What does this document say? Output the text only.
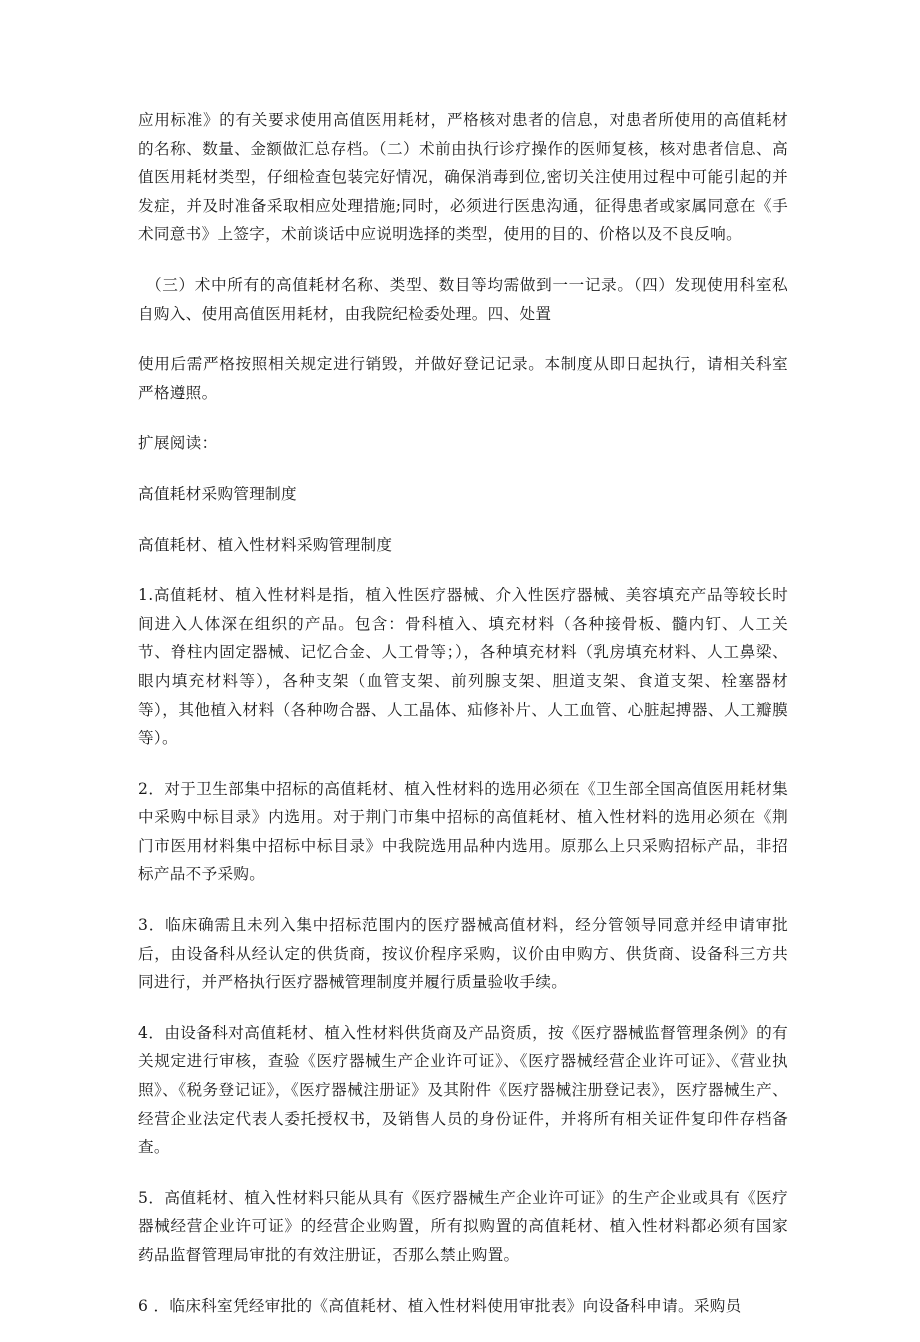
应用标准》的有关要求使用高值医用耗材，严格核对患者的信息，对患者所使用的高值耗材的名称、数量、金额做汇总存档。（二）术前由执行诊疗操作的医师复核，核对患者信息、高值医用耗材类型，仔细检查包装完好情况，确保消毒到位,密切关注使用过程中可能引起的并发症，并及时准备采取相应处理措施;同时，必须进行医患沟通，征得患者或家属同意在《手术同意书》上签字，术前谈话中应说明选择的类型，使用的目的、价格以及不良反响。

（三）术中所有的高值耗材名称、类型、数目等均需做到一一记录。（四）发现使用科室私自购入、使用高值医用耗材，由我院纪检委处理。四、处置

使用后需严格按照相关规定进行销毁，并做好登记记录。本制度从即日起执行，请相关科室严格遵照。

扩展阅读：

高值耗材采购管理制度

高值耗材、植入性材料采购管理制度

1.高值耗材、植入性材料是指，植入性医疗器械、介入性医疗器械、美容填充产品等较长时间进入人体深在组织的产品。包含：骨科植入、填充材料（各种接骨板、髓内钉、人工关节、脊柱内固定器械、记忆合金、人工骨等；），各种填充材料（乳房填充材料、人工鼻梁、眼内填充材料等），各种支架（血管支架、前列腺支架、胆道支架、食道支架、栓塞器材等），其他植入材料（各种吻合器、人工晶体、疝修补片、人工血管、心脏起搏器、人工瓣膜等）。

2．对于卫生部集中招标的高值耗材、植入性材料的选用必须在《卫生部全国高值医用耗材集中采购中标目录》内选用。对于荆门市集中招标的高值耗材、植入性材料的选用必须在《荆门市医用材料集中招标中标目录》中我院选用品种内选用。原那么上只采购招标产品，非招标产品不予采购。

3．临床确需且未列入集中招标范围内的医疗器械高值材料，经分管领导同意并经申请审批后，由设备科从经认定的供货商，按议价程序采购，议价由申购方、供货商、设备科三方共同进行，并严格执行医疗器械管理制度并履行质量验收手续。

4．由设备科对高值耗材、植入性材料供货商及产品资质，按《医疗器械监督管理条例》的有关规定进行审核，查验《医疗器械生产企业许可证》、《医疗器械经营企业许可证》、《营业执照》、《税务登记证》，《医疗器械注册证》及其附件《医疗器械注册登记表》，医疗器械生产、经营企业法定代表人委托授权书，及销售人员的身份证件，并将所有相关证件复印件存档备查。

5．高值耗材、植入性材料只能从具有《医疗器械生产企业许可证》的生产企业或具有《医疗器械经营企业许可证》的经营企业购置，所有拟购置的高值耗材、植入性材料都必须有国家药品监督管理局审批的有效注册证，否那么禁止购置。

6 ．临床科室凭经审批的《高值耗材、植入性材料使用审批表》向设备科申请。采购员
